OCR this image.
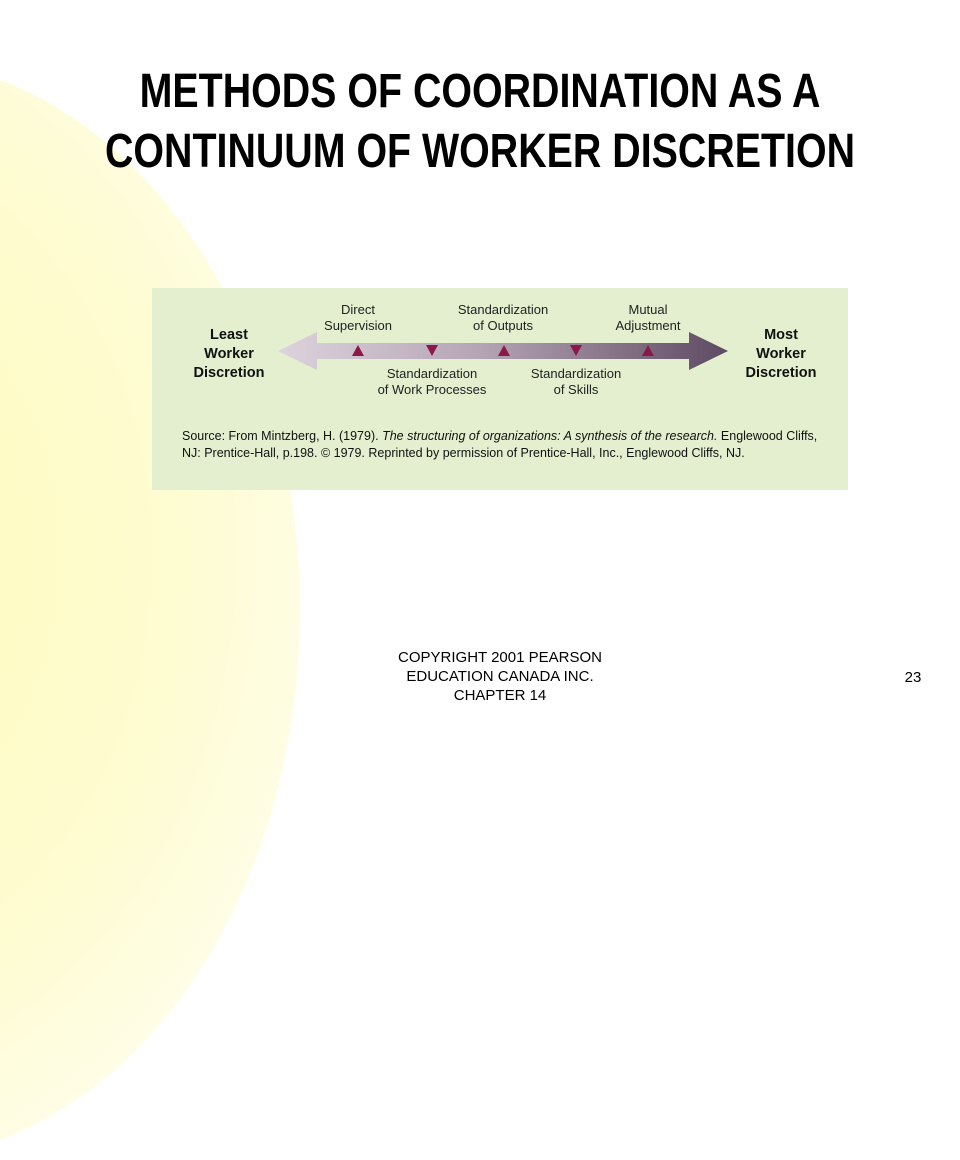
METHODS OF COORDINATION AS A
CONTINUUM OF WORKER DISCRETION
Least
Worker
Discretion
Most
Worker
Discretion
Direct
Supervision
Standardization
of Outputs
Mutual
Adjustment
Standardization
of Work Processes
Standardization
of Skills
Source: From Mintzberg, H. (1979). The structuring of organizations: A synthesis of the research. Englewood Cliffs, NJ: Prentice-Hall, p.198. © 1979. Reprinted by permission of Prentice-Hall, Inc., Englewood Cliffs, NJ.
COPYRIGHT 2001 PEARSON
EDUCATION CANADA INC.
CHAPTER 14
23
